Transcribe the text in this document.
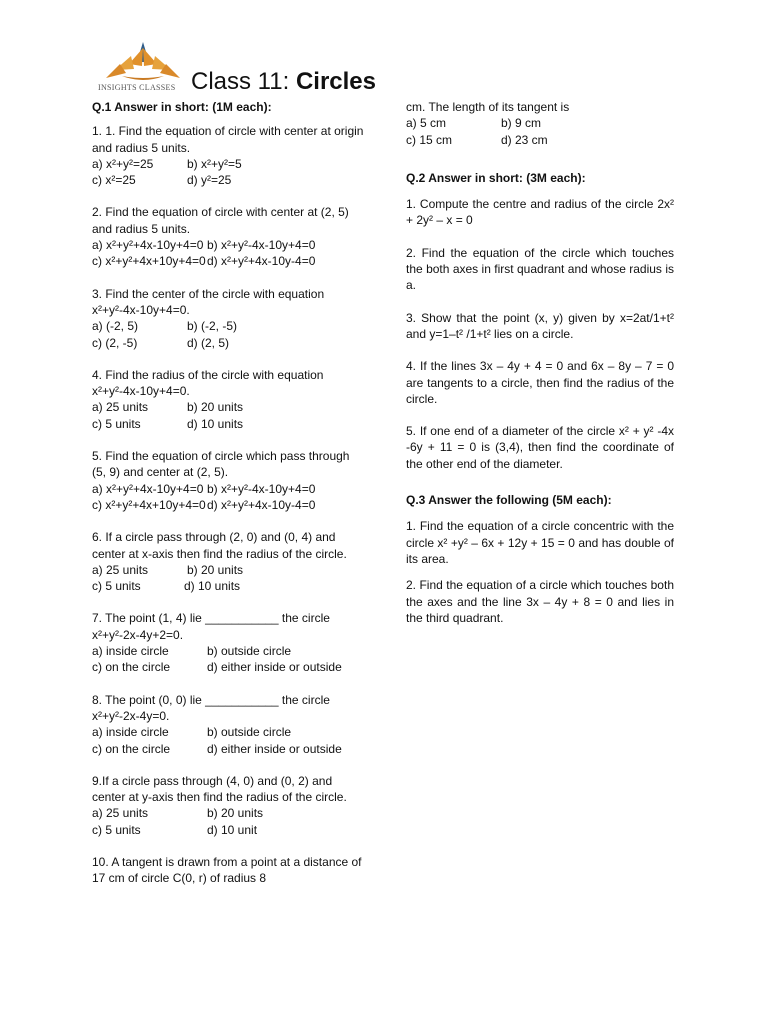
INSIGHTS CLASSES Class 11: Circles

Q.1 Answer in short: (1M each):

1. 1. Find the equation of circle with center at origin and radius 5 units.

a) x²+y²=25	b) x²+y²=5
c) x²=25	d) y²=25

2. Find the equation of circle with center at (2, 5) and radius 5 units.

a) x²+y²+4x-10y+4=0 b) x²+y²-4x-10y+4=0
c) x²+y²+4x+10y+4=0 d) x²+y²+4x-10y-4=0

3. Find the center of the circle with equation x²+y²-4x-10y+4=0.

a) (-2, 5)	b) (-2, -5)
c) (2, -5)	d) (2, 5)

4. Find the radius of the circle with equation x²+y²-4x-10y+4=0.

a) 25 units	b) 20 units
c) 5 units	d) 10 units

5. Find the equation of circle which pass through (5, 9) and center at (2, 5).

a) x²+y²+4x-10y+4=0 b) x²+y²-4x-10y+4=0
c) x²+y²+4x+10y+4=0 d) x²+y²+4x-10y-4=0

6. If a circle pass through (2, 0) and (0, 4) and center at x-axis then find the radius of the circle.

a) 25 units	b) 20 units
c) 5 units	d) 10 units

7. The point (1, 4) lie ___________ the circle x²+y²-2x-4y+2=0.

a) inside circle	b) outside circle
c) on the circle	d) either inside or outside

8. The point (0, 0) lie ___________ the circle x²+y²-2x-4y=0.

a) inside circle	b) outside circle
c) on the circle	d) either inside or outside

9.If a circle pass through (4, 0) and (0, 2) and center at y-axis then find the radius of the circle.

a) 25 units	b) 20 units
c) 5 units	d) 10 unit

10. A tangent is drawn from a point at a distance of 17 cm of circle C(0, r) of radius 8

cm. The length of its tangent is

a) 5 cm	b) 9 cm
c) 15 cm	d) 23 cm

Q.2 Answer in short: (3M each):

1. Compute the centre and radius of the circle 2x² + 2y² – x = 0

2. Find the equation of the circle which touches the both axes in first quadrant and whose radius is a.

3. Show that the point (x, y) given by x=2at/1+t² and y=1–t² /1+t² lies on a circle.

4. If the lines 3x – 4y + 4 = 0 and 6x – 8y – 7 = 0 are tangents to a circle, then find the radius of the circle.

5. If one end of a diameter of the circle x² + y² -4x -6y + 11 = 0 is (3,4), then find the coordinate of the other end of the diameter.

Q.3 Answer the following (5M each):

1. Find the equation of a circle concentric with the circle x² +y² – 6x + 12y + 15 = 0 and has double of its area.

2. Find the equation of a circle which touches both the axes and the line 3x – 4y + 8 = 0 and lies in the third quadrant.
